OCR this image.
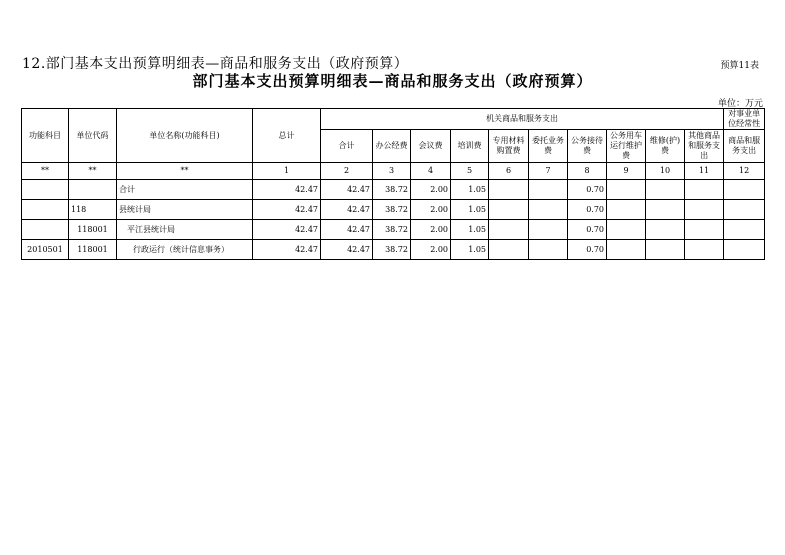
12.部门基本支出预算明细表—商品和服务支出（政府预算）	预算11表
部门基本支出预算明细表—商品和服务支出（政府预算）
单位：万元
功能科目	单位代码	单位名称(功能科目)	总计	机关商品和服务支出										对事业单位经常性
				合计	办公经费	会议费	培训费	专用材料购置费	委托业务费	公务接待费	公务用车运行维护费	维修(护)费	其他商品和服务支出	商品和服务支出
**	**	**	1	2	3	4	5	6	7	8	9	10	11	12
		合计	42.47	42.47	38.72	2.00	1.05			0.70				
	118	县统计局	42.47	42.47	38.72	2.00	1.05			0.70				
	118001	平江县统计局	42.47	42.47	38.72	2.00	1.05			0.70				
2010501	118001	行政运行（统计信息事务）	42.47	42.47	38.72	2.00	1.05			0.70				
